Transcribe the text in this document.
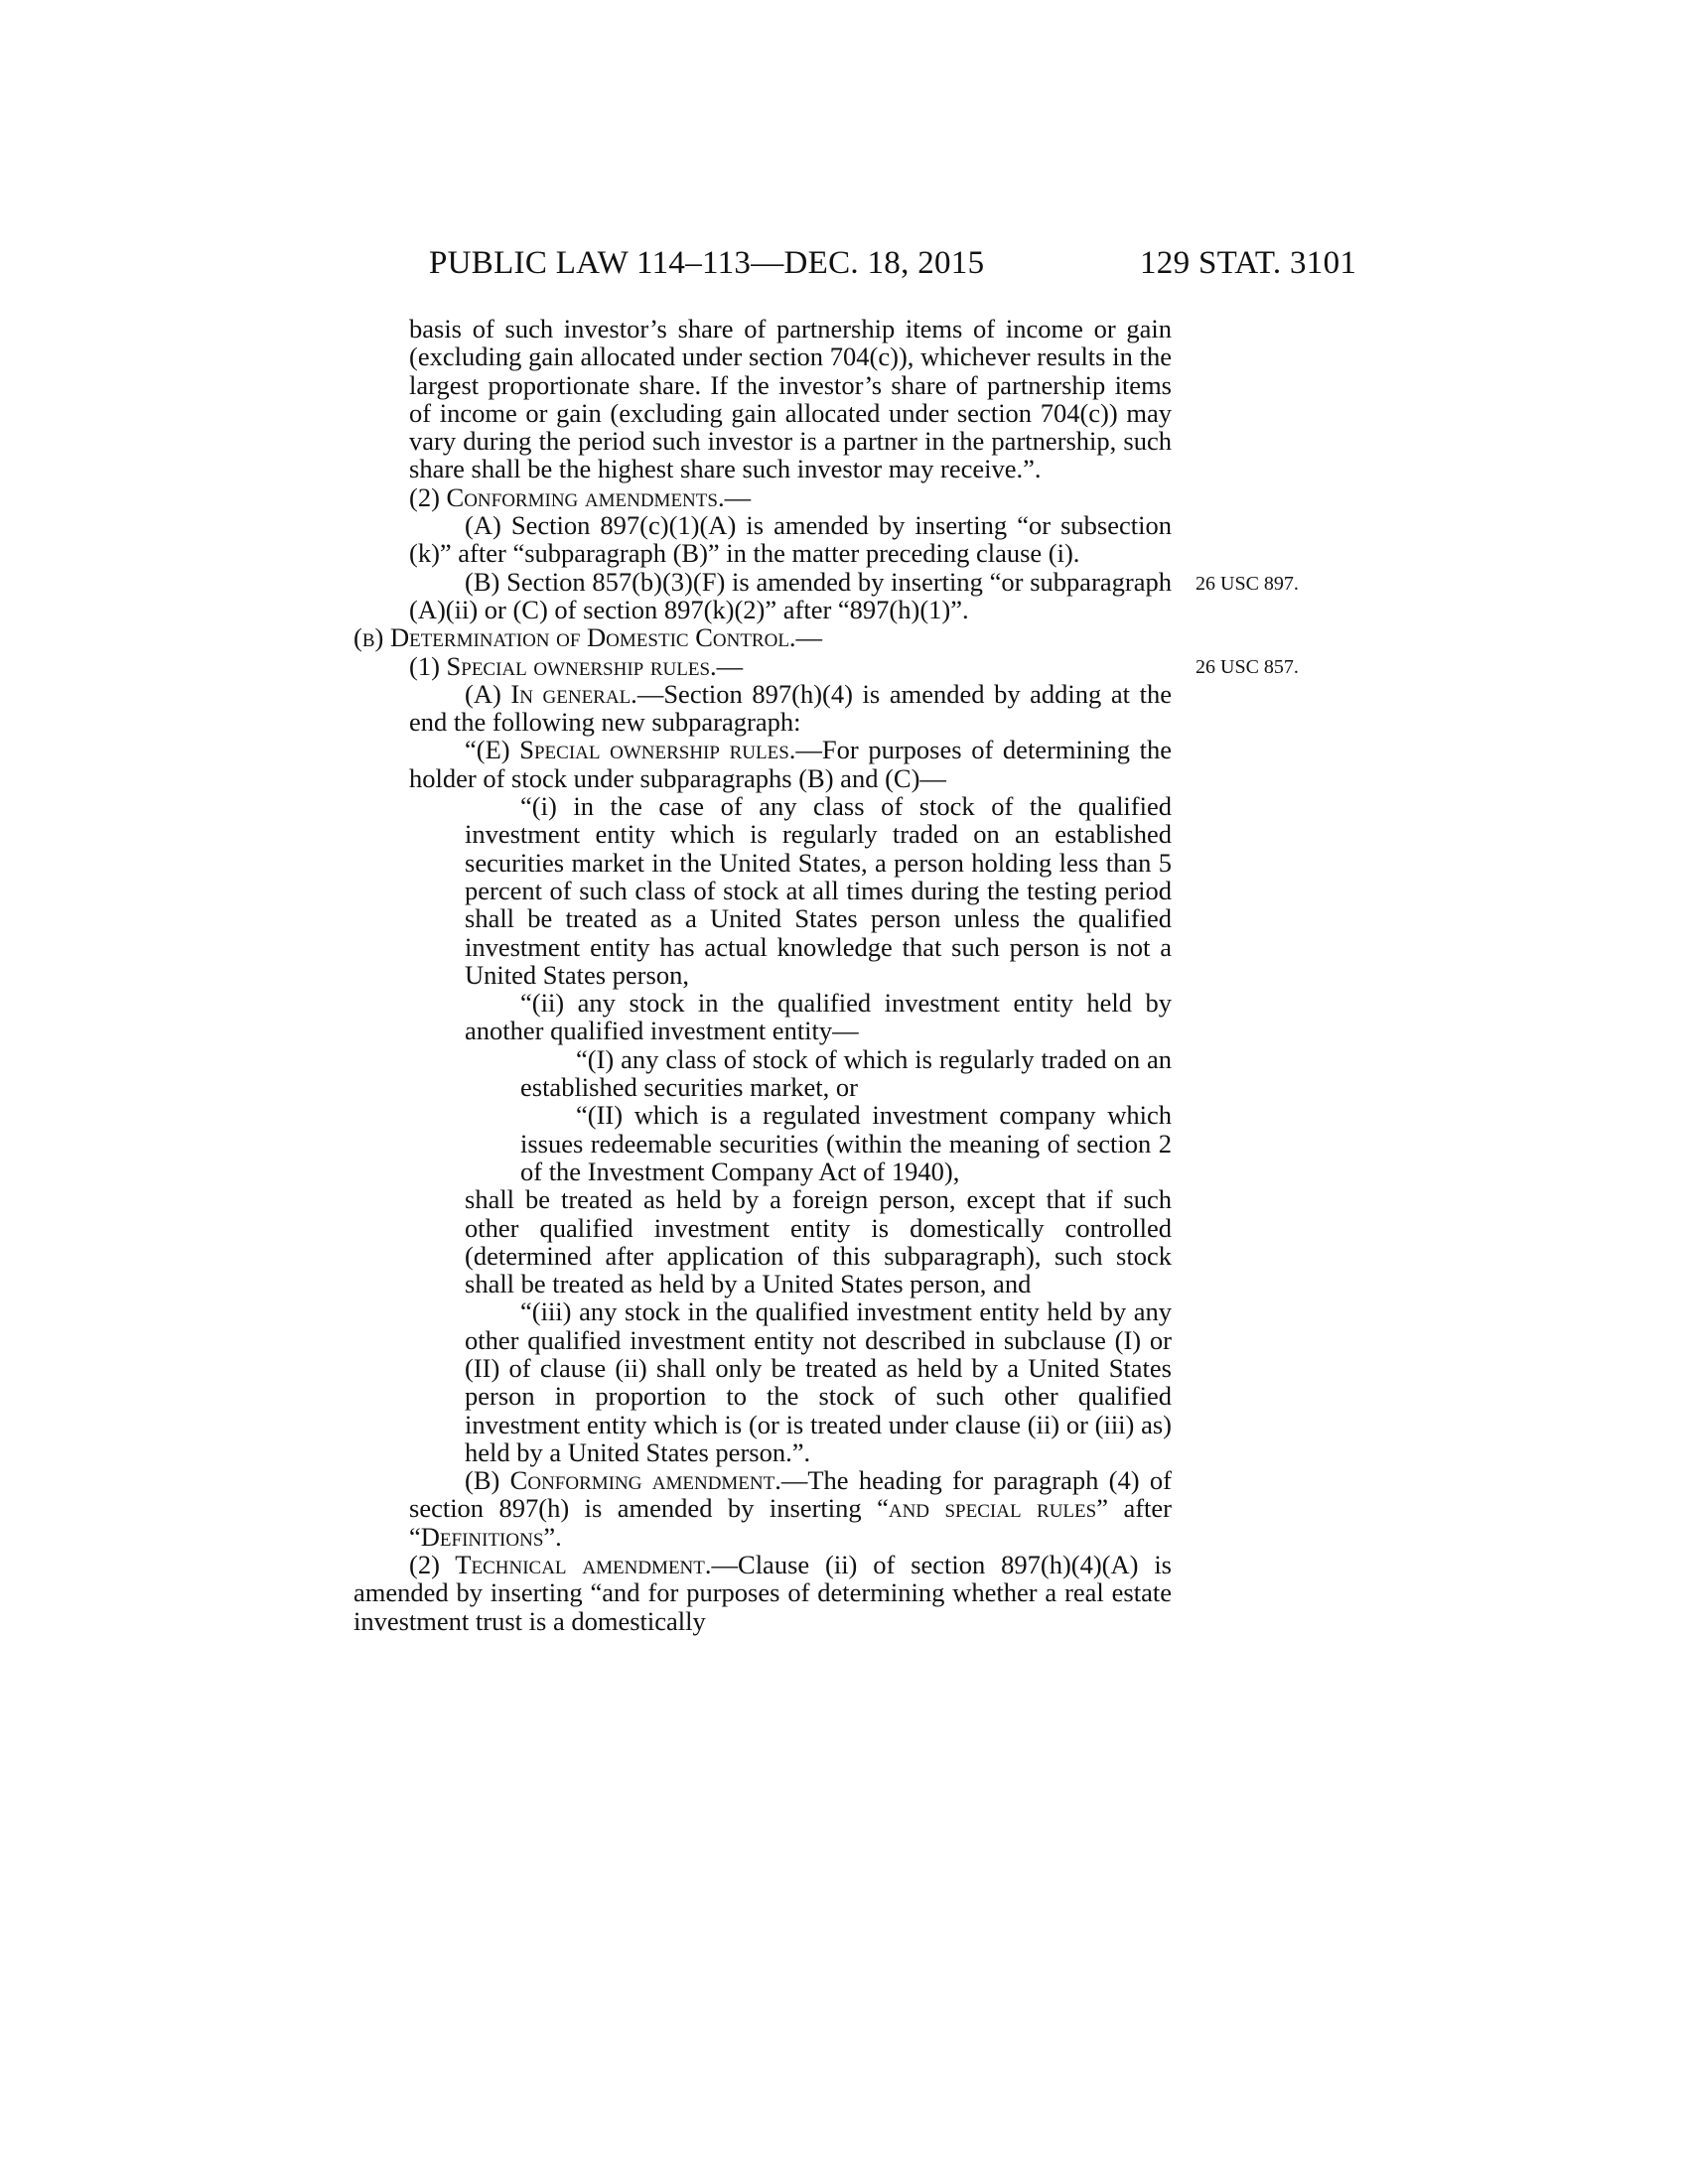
PUBLIC LAW 114–113—DEC. 18, 2015	129 STAT. 3101
26 USC 897.
26 USC 857.

basis of such investor’s share of partnership items of income or gain (excluding gain allocated under section 704(c)), whichever results in the largest proportionate share. If the investor’s share of partnership items of income or gain (excluding gain allocated under section 704(c)) may vary during the period such investor is a partner in the partnership, such share shall be the highest share such investor may receive.”.

(2) Conforming amendments.—

(A) Section 897(c)(1)(A) is amended by inserting “or subsection (k)” after “subparagraph (B)” in the matter preceding clause (i).

(B) Section 857(b)(3)(F) is amended by inserting “or subparagraph (A)(ii) or (C) of section 897(k)(2)” after “897(h)(1)”.

(b) Determination of Domestic Control.—

(1) Special ownership rules.—

(A) In general.—Section 897(h)(4) is amended by adding at the end the following new subparagraph:

“(E) Special ownership rules.—For purposes of determining the holder of stock under subparagraphs (B) and (C)—

“(i) in the case of any class of stock of the qualified investment entity which is regularly traded on an established securities market in the United States, a person holding less than 5 percent of such class of stock at all times during the testing period shall be treated as a United States person unless the qualified investment entity has actual knowledge that such person is not a United States person,

“(ii) any stock in the qualified investment entity held by another qualified investment entity—

“(I) any class of stock of which is regularly traded on an established securities market, or

“(II) which is a regulated investment company which issues redeemable securities (within the meaning of section 2 of the Investment Company Act of 1940),

shall be treated as held by a foreign person, except that if such other qualified investment entity is domestically controlled (determined after application of this subparagraph), such stock shall be treated as held by a United States person, and

“(iii) any stock in the qualified investment entity held by any other qualified investment entity not described in subclause (I) or (II) of clause (ii) shall only be treated as held by a United States person in proportion to the stock of such other qualified investment entity which is (or is treated under clause (ii) or (iii) as) held by a United States person.”.

(B) Conforming amendment.—The heading for paragraph (4) of section 897(h) is amended by inserting “and special rules” after “Definitions”.

(2) Technical amendment.—Clause (ii) of section 897(h)(4)(A) is amended by inserting “and for purposes of determining whether a real estate investment trust is a domestically
